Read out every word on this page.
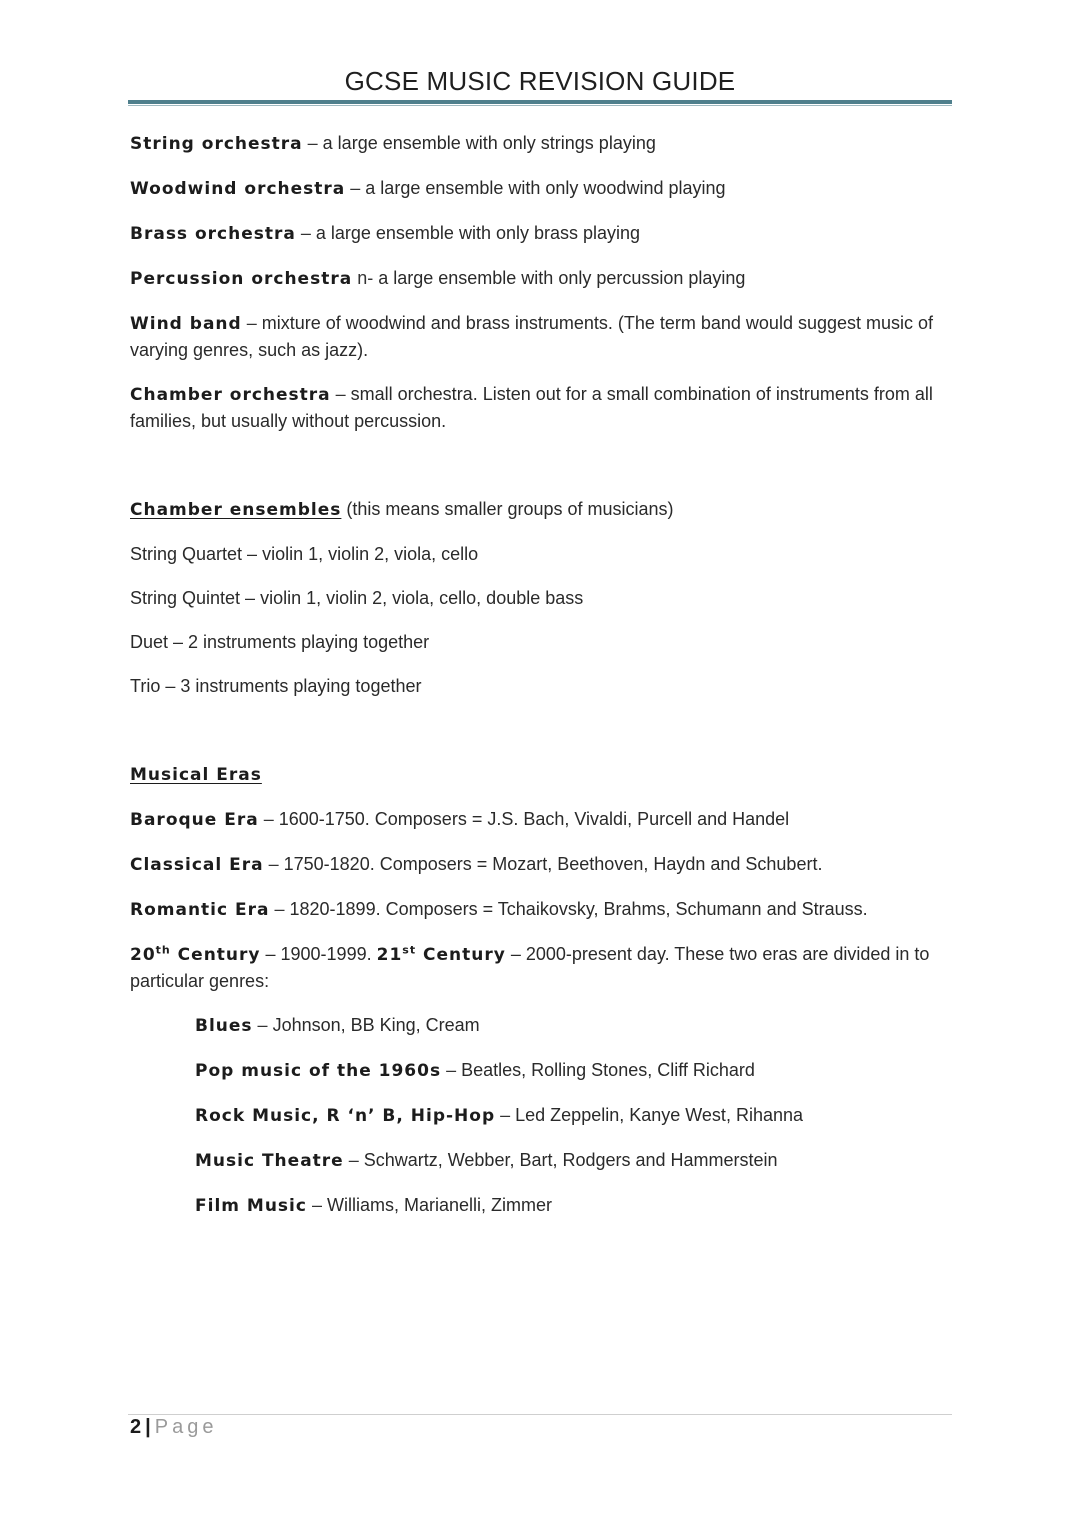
GCSE MUSIC REVISION GUIDE
String orchestra – a large ensemble with only strings playing
Woodwind orchestra – a large ensemble with only woodwind playing
Brass orchestra – a large ensemble with only brass playing
Percussion orchestra n- a large ensemble with only percussion playing
Wind band – mixture of woodwind and brass instruments. (The term band would suggest music of varying genres, such as jazz).
Chamber orchestra – small orchestra. Listen out for a small combination of instruments from all families, but usually without percussion.
Chamber ensembles (this means smaller groups of musicians)
String Quartet – violin 1, violin 2, viola, cello
String Quintet – violin 1, violin 2, viola, cello, double bass
Duet – 2 instruments playing together
Trio – 3 instruments playing together
Musical Eras
Baroque Era – 1600-1750. Composers = J.S. Bach, Vivaldi, Purcell and Handel
Classical Era – 1750-1820. Composers = Mozart, Beethoven, Haydn and Schubert.
Romantic Era – 1820-1899. Composers = Tchaikovsky, Brahms, Schumann and Strauss.
20th Century – 1900-1999. 21st Century – 2000-present day. These two eras are divided in to particular genres:
Blues – Johnson, BB King, Cream
Pop music of the 1960s – Beatles, Rolling Stones, Cliff Richard
Rock Music, R ‘n’ B, Hip-Hop – Led Zeppelin, Kanye West, Rihanna
Music Theatre – Schwartz, Webber, Bart, Rodgers and Hammerstein
Film Music – Williams, Marianelli, Zimmer
2 | Page
